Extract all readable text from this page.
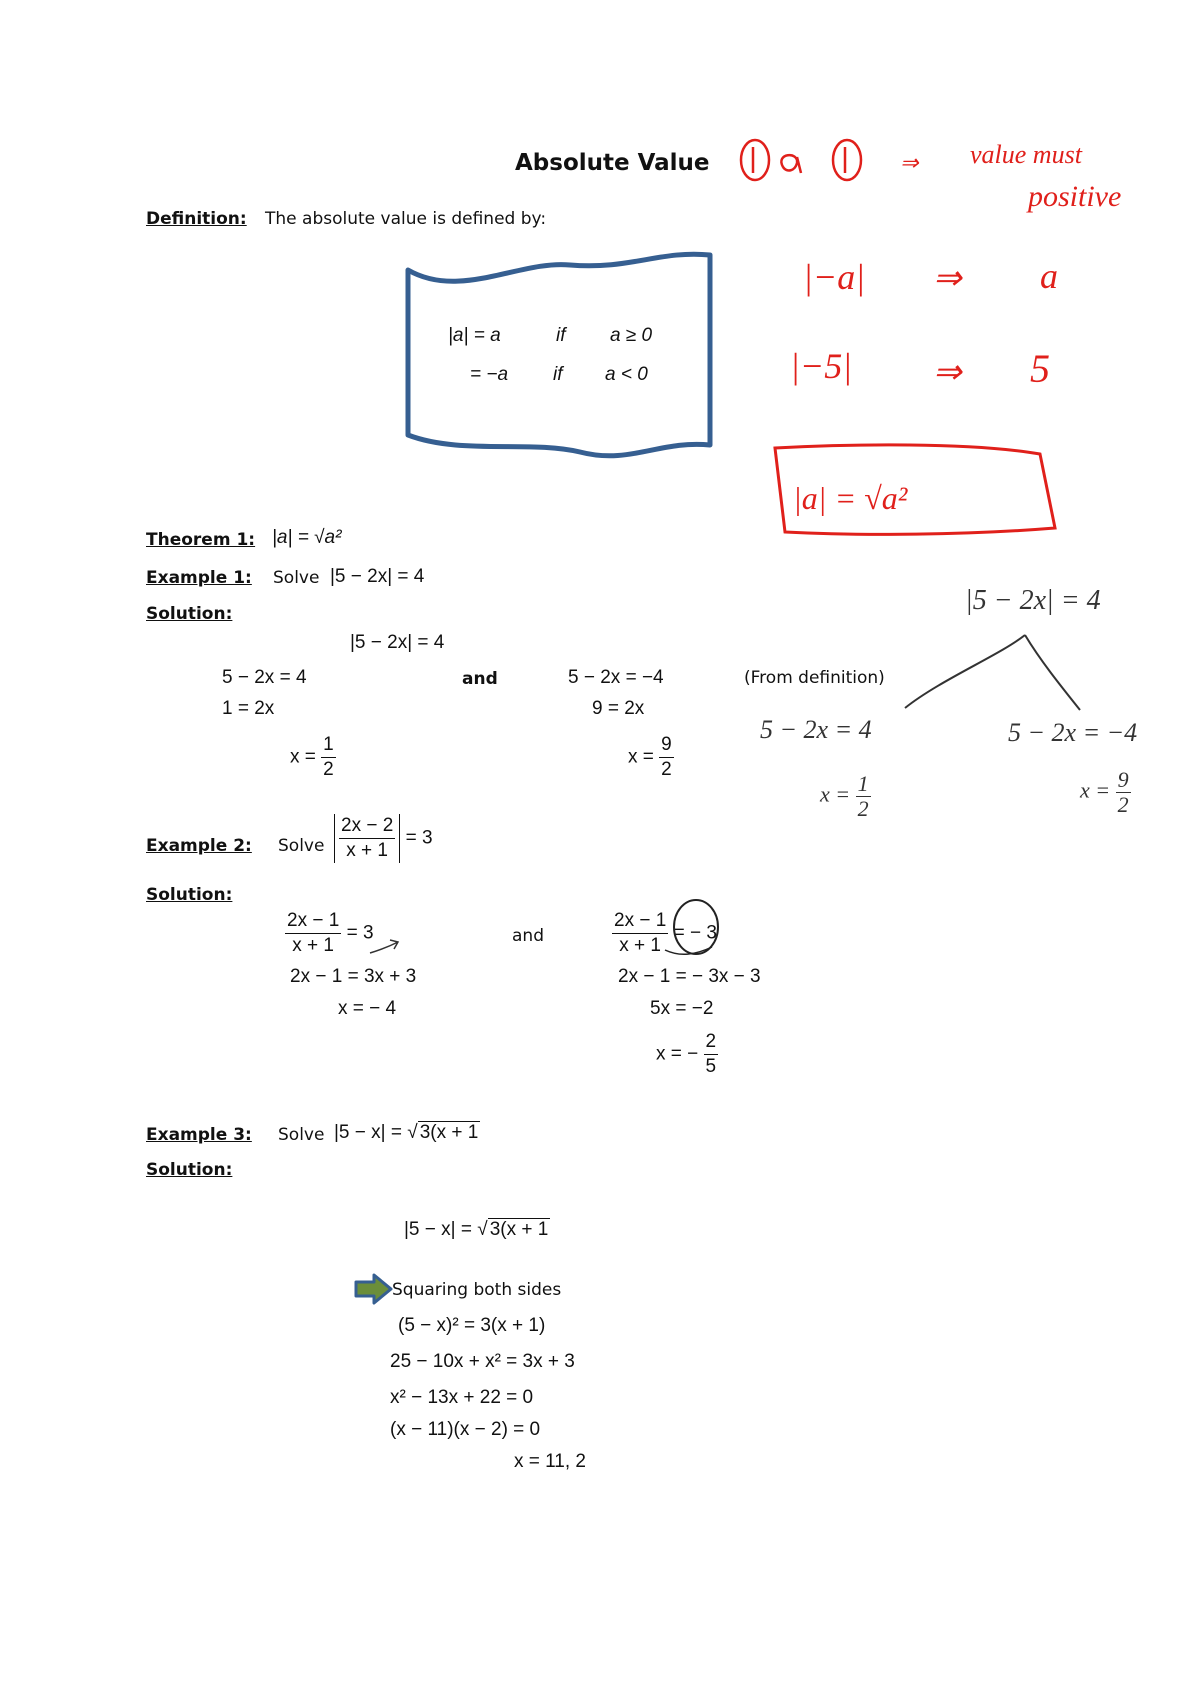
Absolute Value
Definition: The absolute value is defined by:
|a| = a	if a ≥ 0
= −a if a < 0
Theorem 1: |a| = √a²
Example 1: Solve |5 − 2x| = 4
Solution:
|5 − 2x| = 4
5 − 2x = 4
1 = 2x
$x = \frac{1}{2}$
and	5 − 2x = −4
9 = 2x
$x = \frac{9}{2}$
(From definition)
Example 2: Solve $\frac{2x - 2}{x + 1} = 3$
Solution:
$\frac{2x - 1}{x + 1} = 3$
2x − 1 = 3x + 3
x = − 4
and	$\frac{2x - 1}{x + 1}$ = − 3
2x − 1 = − 3x − 3
5x = −2
x = − $\frac{2}{5}$
Example 3: Solve |5 − x| = √ 3(x + 1
Solution:
|5 − x| = √ 3(x + 1
Squaring both sides
(5 − x)² = 3(x + 1)
25 − 10x + x² = 3x + 3
x² − 13x + 22 = 0
(x − 11)(x − 2) = 0
x = 11, 2
⇒ value must
positive
|−a| ⇒ a
|−5| ⇒ 5
|a| = √a²
|5 − 2x| = 4
5 − 2x = 4
$x = \frac{1}{2}$
5 − 2x = −4
$x = \frac{9}{2}$
